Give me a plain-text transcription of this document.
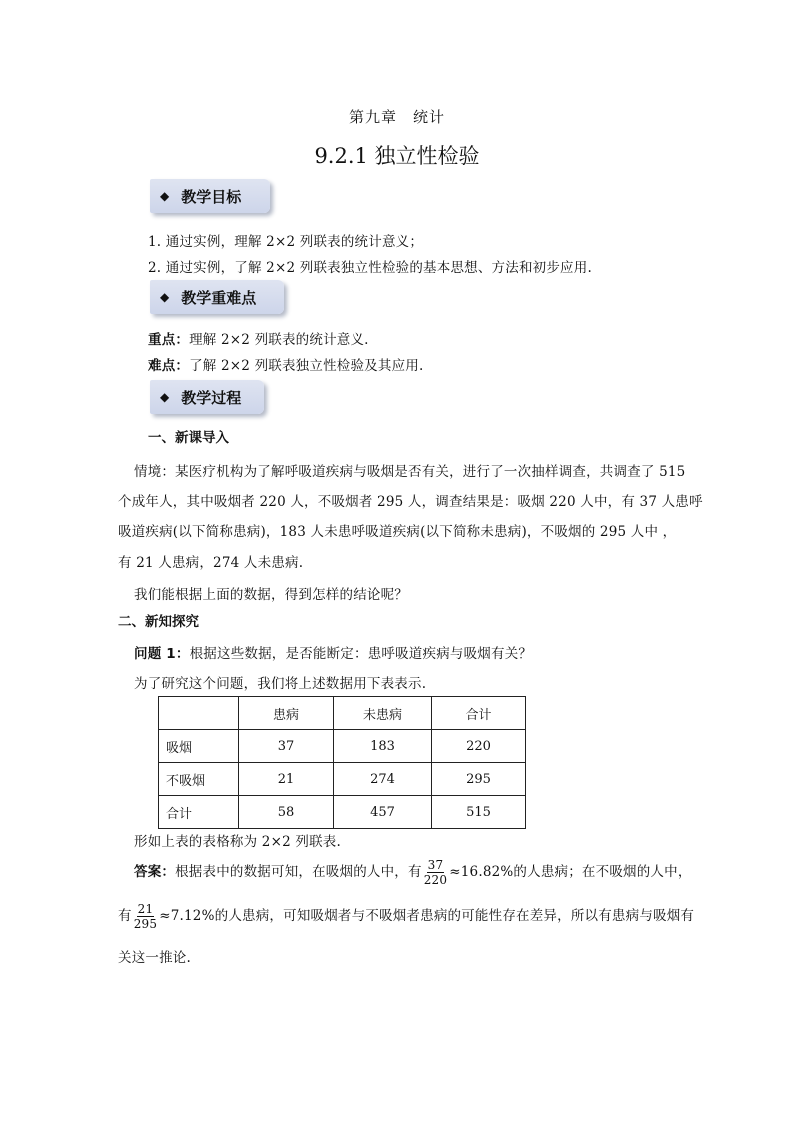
第九章　统计
9.2.1 独立性检验
◆ 教学目标
1. 通过实例，理解 2×2 列联表的统计意义；
2. 通过实例，了解 2×2 列联表独立性检验的基本思想、方法和初步应用.
◆ 教学重难点
重点：理解 2×2 列联表的统计意义.
难点：了解 2×2 列联表独立性检验及其应用.
◆ 教学过程
一、新课导入
情境：某医疗机构为了解呼吸道疾病与吸烟是否有关，进行了一次抽样调查，共调查了 515
个成年人，其中吸烟者 220 人，不吸烟者 295 人，调查结果是：吸烟 220 人中，有 37 人患呼
吸道疾病(以下简称患病)，183 人未患呼吸道疾病(以下简称未患病)，不吸烟的 295 人中 ，
有 21 人患病，274 人未患病.
我们能根据上面的数据，得到怎样的结论呢？
二、新知探究
问题 1：根据这些数据，是否能断定：患呼吸道疾病与吸烟有关？
为了研究这个问题，我们将上述数据用下表表示.
	患病	未患病	合计
吸烟	37	183	220
不吸烟	21	274	295
合计	58	457	515
形如上表的表格称为 2×2 列联表.
答案：根据表中的数据可知，在吸烟的人中，有 $\frac{37}{220} \approx 16.82\%$的人患病；在不吸烟的人中，
有 $\frac{21}{295} \approx 7.12\%$的人患病，可知吸烟者与不吸烟者患病的可能性存在差异，所以有患病与吸烟有
关这一推论.
